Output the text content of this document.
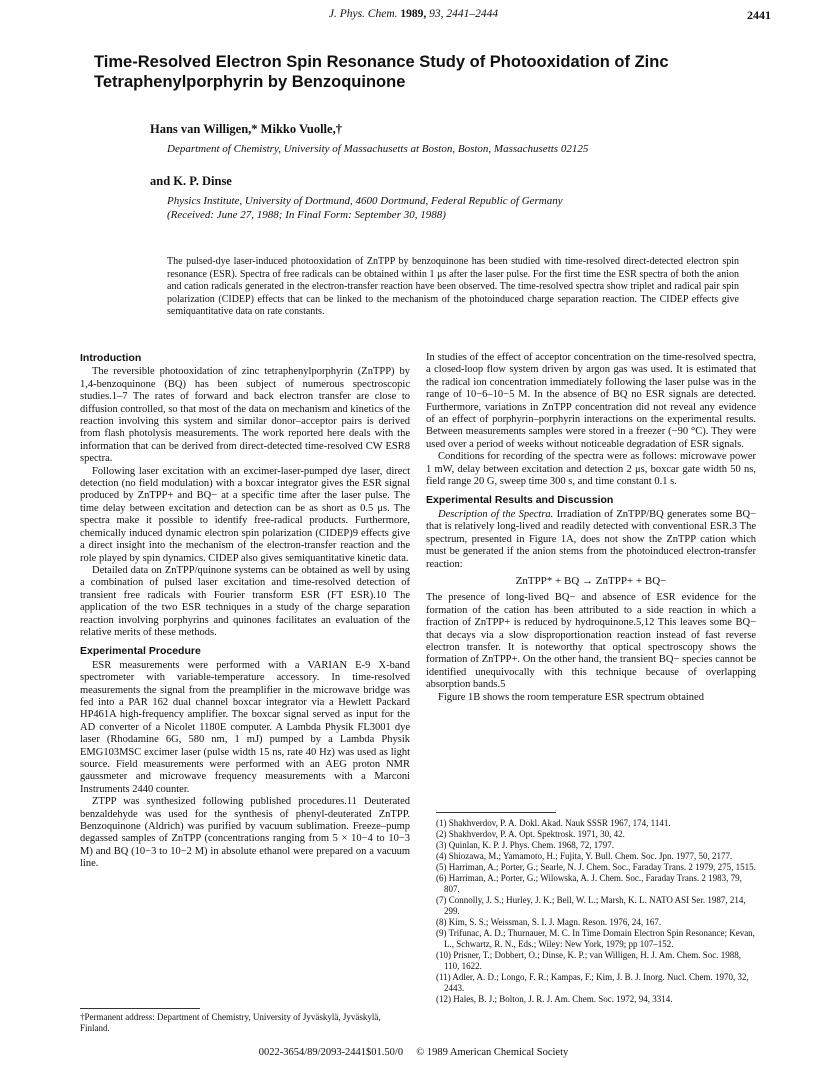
J. Phys. Chem. 1989, 93, 2441–2444	2441
Time-Resolved Electron Spin Resonance Study of Photooxidation of Zinc Tetraphenylporphyrin by Benzoquinone
Hans van Willigen,* Mikko Vuolle,†
Department of Chemistry, University of Massachusetts at Boston, Boston, Massachusetts 02125
and K. P. Dinse
Physics Institute, University of Dortmund, 4600 Dortmund, Federal Republic of Germany
(Received: June 27, 1988; In Final Form: September 30, 1988)
The pulsed-dye laser-induced photooxidation of ZnTPP by benzoquinone has been studied with time-resolved direct-detected electron spin resonance (ESR). Spectra of free radicals can be obtained within 1 μs after the laser pulse. For the first time the ESR spectra of both the anion and cation radicals generated in the electron-transfer reaction have been observed. The time-resolved spectra show triplet and radical pair spin polarization (CIDEP) effects that can be linked to the mechanism of the photoinduced charge separation reaction. The CIDEP effects give semiquantitative data on rate constants.
Introduction

The reversible photooxidation of zinc tetraphenylporphyrin (ZnTPP) by 1,4-benzoquinone (BQ) has been subject of numerous spectroscopic studies.1–7 The rates of forward and back electron transfer are close to diffusion controlled, so that most of the data on mechanism and kinetics of the reaction involving this system and similar donor–acceptor pairs is derived from flash photolysis measurements. The work reported here deals with the information that can be derived from direct-detected time-resolved CW ESR8 spectra.

Following laser excitation with an excimer-laser-pumped dye laser, direct detection (no field modulation) with a boxcar integrator gives the ESR signal produced by ZnTPP+ and BQ− at a specific time after the laser pulse. The time delay between excitation and detection can be as short as 0.5 μs. The spectra make it possible to identify free-radical products. Furthermore, chemically induced dynamic electron spin polarization (CIDEP)9 effects give a direct insight into the mechanism of the electron-transfer reaction and the role played by spin dynamics. CIDEP also gives semiquantitative kinetic data.

Detailed data on ZnTPP/quinone systems can be obtained as well by using a combination of pulsed laser excitation and time-resolved detection of transient free radicals with Fourier transform ESR (FT ESR).10 The application of the two ESR techniques in a study of the charge separation reaction involving porphyrins and quinones facilitates an evaluation of the relative merits of these methods.

Experimental Procedure

ESR measurements were performed with a VARIAN E-9 X-band spectrometer with variable-temperature accessory. In time-resolved measurements the signal from the preamplifier in the microwave bridge was fed into a PAR 162 dual channel boxcar integrator via a Hewlett Packard HP461A high-frequency amplifier. The boxcar signal served as input for the AD converter of a Nicolet 1180E computer. A Lambda Physik FL3001 dye laser (Rhodamine 6G, 580 nm, 1 mJ) pumped by a Lambda Physik EMG103MSC excimer laser (pulse width 15 ns, rate 40 Hz) was used as light source. Field measurements were performed with an AEG proton NMR gaussmeter and microwave frequency measurements with a Marconi Instruments 2440 counter.

ZTPP was synthesized following published procedures.11 Deuterated benzaldehyde was used for the synthesis of phenyl-deuterated ZnTPP. Benzoquinone (Aldrich) was purified by vacuum sublimation. Freeze–pump degassed samples of ZnTPP (concentrations ranging from 5 × 10−4 to 10−3 M) and BQ (10−3 to 10−2 M) in absolute ethanol were prepared on a vacuum line.

In studies of the effect of acceptor concentration on the time-resolved spectra, a closed-loop flow system driven by argon gas was used. It is estimated that the radical ion concentration immediately following the laser pulse was in the range of 10−6–10−5 M. In the absence of BQ no ESR signals are detected. Furthermore, variations in ZnTPP concentration did not reveal any evidence of an effect of porphyrin–porphyrin interactions on the experimental results. Between measurements samples were stored in a freezer (−90 °C). They were used over a period of weeks without noticeable degradation of ESR signals.

Conditions for recording of the spectra were as follows: microwave power 1 mW, delay between excitation and detection 2 μs, boxcar gate width 50 ns, field range 20 G, sweep time 300 s, and time constant 0.1 s.

Experimental Results and Discussion

Description of the Spectra. Irradiation of ZnTPP/BQ generates some BQ− that is relatively long-lived and readily detected with conventional ESR.3 The spectrum, presented in Figure 1A, does not show the ZnTPP cation which must be generated if the anion stems from the photoinduced electron-transfer reaction:

ZnTPP* + BQ → ZnTPP+ + BQ−

The presence of long-lived BQ− and absence of ESR evidence for the formation of the cation has been attributed to a side reaction in which a fraction of ZnTPP+ is reduced by hydroquinone.5,12 This leaves some BQ− that decays via a slow disproportionation reaction instead of fast reverse electron transfer. It is noteworthy that optical spectroscopy shows the formation of ZnTPP+. On the other hand, the transient BQ− species cannot be identified unequivocally with this technique because of overlapping absorption bands.5

Figure 1B shows the room temperature ESR spectrum obtained

(1) Shakhverdov, P. A. Dokl. Akad. Nauk SSSR 1967, 174, 1141.
(2) Shakhverdov, P. A. Opt. Spektrosk. 1971, 30, 42.
(3) Quinlan, K. P. J. Phys. Chem. 1968, 72, 1797.
(4) Shiozawa, M.; Yamamoto, H.; Fujita, Y. Bull. Chem. Soc. Jpn. 1977, 50, 2177.
(5) Harriman, A.; Porter, G.; Searle, N. J. Chem. Soc., Faraday Trans. 2 1979, 275, 1515.
(6) Harriman, A.; Porter, G.; Wilowska, A. J. Chem. Soc., Faraday Trans. 2 1983, 79, 807.
(7) Connolly, J. S.; Hurley, J. K.; Bell, W. L.; Marsh, K. L. NATO ASI Ser. 1987, 214, 299.
(8) Kim, S. S.; Weissman, S. I. J. Magn. Reson. 1976, 24, 167.
(9) Trifunac, A. D.; Thurnauer, M. C. In Time Domain Electron Spin Resonance; Kevan, L., Schwartz, R. N., Eds.; Wiley: New York, 1979; pp 107–152.
(10) Prisner, T.; Dobbert, O.; Dinse, K. P.; van Willigen, H. J. Am. Chem. Soc. 1988, 110, 1622.
(11) Adler, A. D.; Longo, F. R.; Kampas, F.; Kim, J. B. J. Inorg. Nucl. Chem. 1970, 32, 2443.
(12) Hales, B. J.; Bolton, J. R. J. Am. Chem. Soc. 1972, 94, 3314.
†Permanent address: Department of Chemistry, University of Jyväskylä, Jyväskylä, Finland.
0022-3654/89/2093-2441$01.50/0 © 1989 American Chemical Society
